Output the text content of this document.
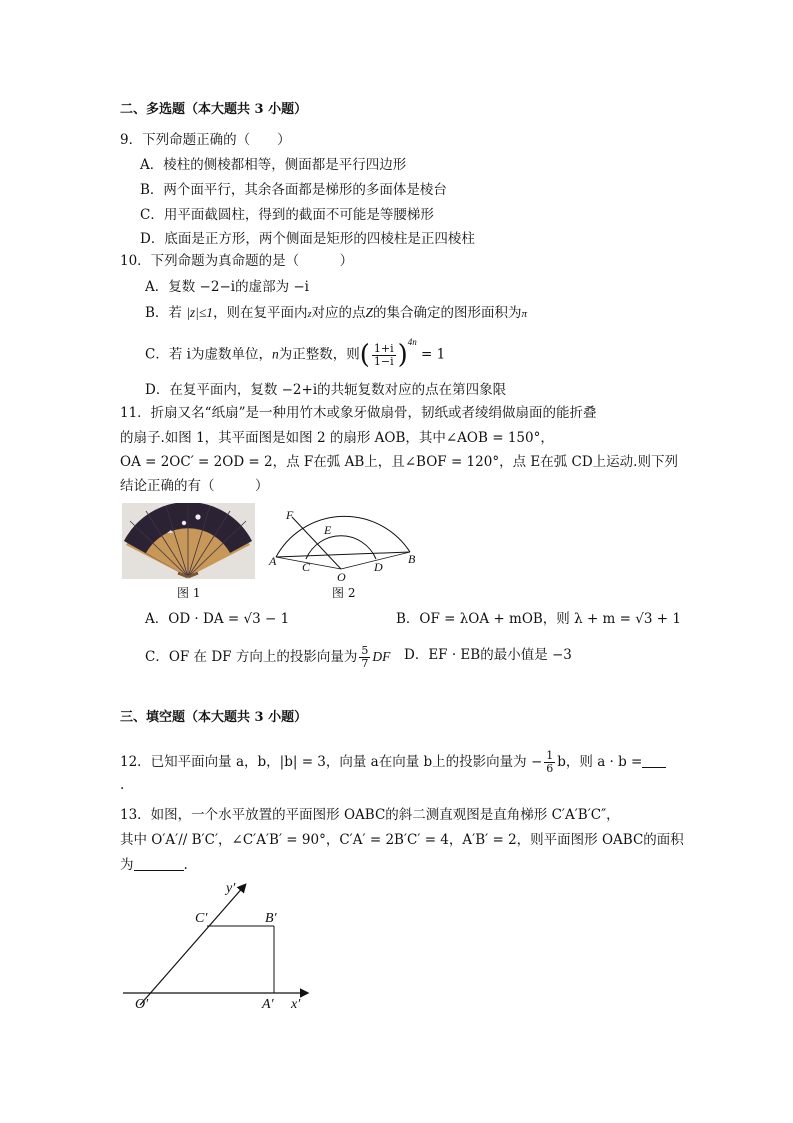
二、多选题（本大题共 3 小题）
9．下列命题正确的（　　）
A．棱柱的侧棱都相等，侧面都是平行四边形
B．两个面平行，其余各面都是梯形的多面体是棱台
C．用平面截圆柱，得到的截面不可能是等腰梯形
D．底面是正方形，两个侧面是矩形的四棱柱是正四棱柱
10．下列命题为真命题的是（　　　）
A．复数 −2−i的虚部为 −i
B．若 |z|≤1，则在复平面内z对应的点Z的集合确定的图形面积为π
C．若 i为虚数单位，n为正整数，则( $\frac{1+i}{1-i} )^{4n} = 1$
D．在复平面内，复数 −2+i的共轭复数对应的点在第四象限
11．折扇又名“纸扇”是一种用竹木或象牙做扇骨，韧纸或者绫绢做扇面的能折叠
的扇子.如图 1，其平面图是如图 2 的扇形 AOB，其中∠AOB = 150°，
OA = 2OC′ = 2OD = 2，点 F在弧 AB上，且∠BOF = 120°，点 E在弧 CD上运动.则下列
结论正确的有（　　　）
图 1
F
E
A C
O
D
B
图 2
A．OD · DA = √3 − 1	B．OF = λOA + mOB，则 λ + m = √3 + 1
C．OF 在 DF 方向上的投影向量为 $\frac{5}{7}$ DF D．EF · EB的最小值是 −3
三、填空题（本大题共 3 小题）
12．已知平面向量 a，b，|b| = 3，向量 a在向量 b上的投影向量为 − $\frac{1}{6}$ b，则 a · b =
.
13．如图，一个水平放置的平面图形 OABC的斜二测直观图是直角梯形 C′A′B′C″，
其中 O′A′// B′C′，∠C′A′B′ = 90°，C′A′ = 2B′C′ = 4，A′B′ = 2，则平面图形 OABC的面积
为	.
y′
C′	B′
O′	A′ x′
